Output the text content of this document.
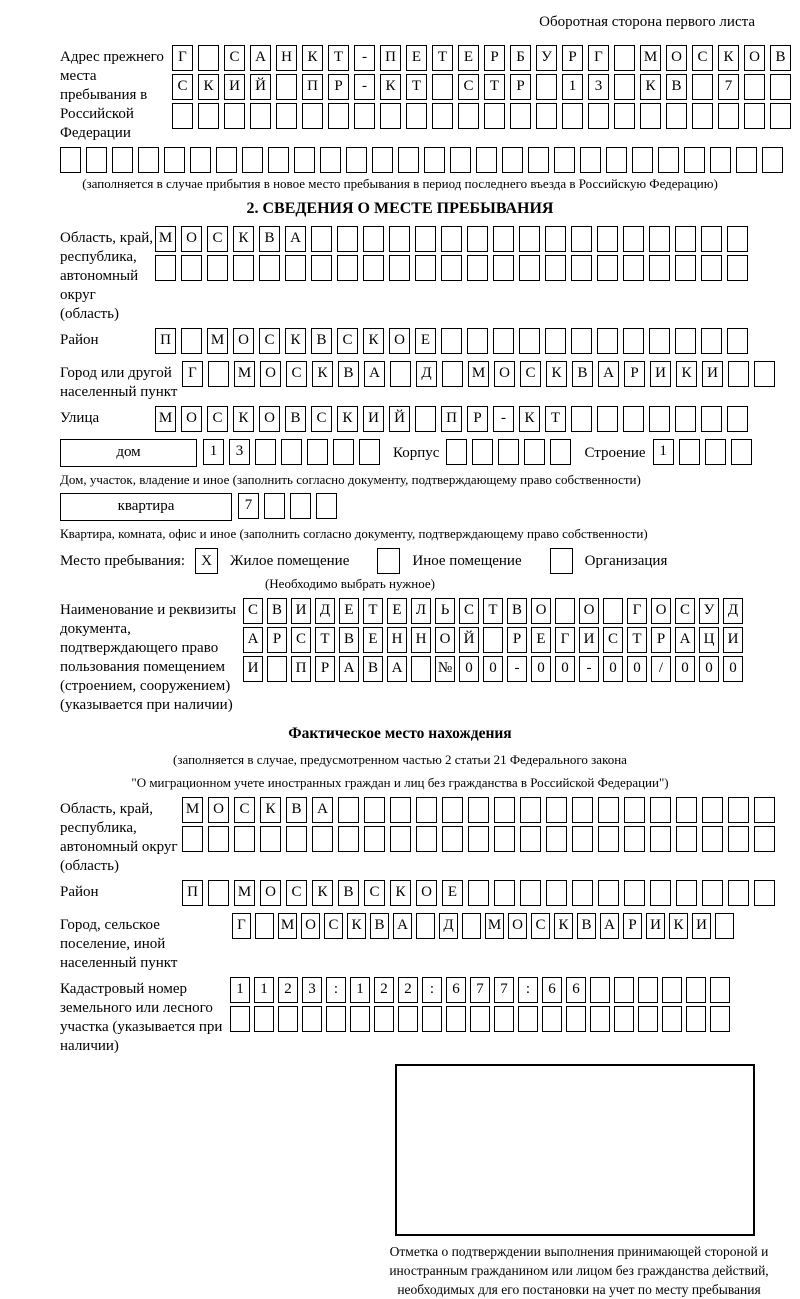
Оборотная сторона первого листа
Адрес прежнего места пребывания в Российской Федерации
Г	С А Н К Т - П Е Т Е Р Б У Р Г	М О С К О В
С К И Й	П Р - К Т	С Т Р	1 3	К В	7
(заполняется в случае прибытия в новое место пребывания в период последнего въезда в Российскую Федерацию)
2. СВЕДЕНИЯ О МЕСТЕ ПРЕБЫВАНИЯ
Область, край, республика, автономный округ (область)
М О С К В А
Район	П	М О С К В С К О Е
Город или другой населенный пункт
Г	М О С К В А	Д	М О С К В А Р И К И
Улица	М О С К О В С К И Й	П Р - К Т
дом	1 3	Корпус	Строение 1
Дом, участок, владение и иное (заполнить согласно документу, подтверждающему право собственности)
квартира	7
Квартира, комната, офис и иное (заполнить согласно документу, подтверждающему право собственности)
Место пребывания:	X	Жилое помещение	Иное помещение	Организация
(Необходимо выбрать нужное)
Наименование и реквизиты документа, подтверждающего право пользования помещением (строением, сооружением) (указывается при наличии)
С В И Д Е Т Е Л Ь С Т В О О	Г О С У Д
А Р С Т В Е Н Н О Й	Р Е Г И С Т Р А Ц И
И П Р А В А № 0 0 - 0 0 - 0 0 / 0 0 0
Фактическое место нахождения
(заполняется в случае, предусмотренном частью 2 статьи 21 Федерального закона
"О миграционном учете иностранных граждан и лиц без гражданства в Российской Федерации")
Область, край, республика, автономный округ (область)
М О С К В А
Район	П	М О С К В С К О Е
Город, сельское поселение, иной населенный пункт
Г М О С К В А Д М О С К В А Р И К И
Кадастровый номер земельного или лесного участка (указывается при наличии)
1 1 2 3 : 1 2 2 : 6 7 7 : 6 6
Отметка о подтверждении выполнения принимающей стороной и иностранным гражданином или лицом без гражданства действий, необходимых для его постановки на учет по месту пребывания
